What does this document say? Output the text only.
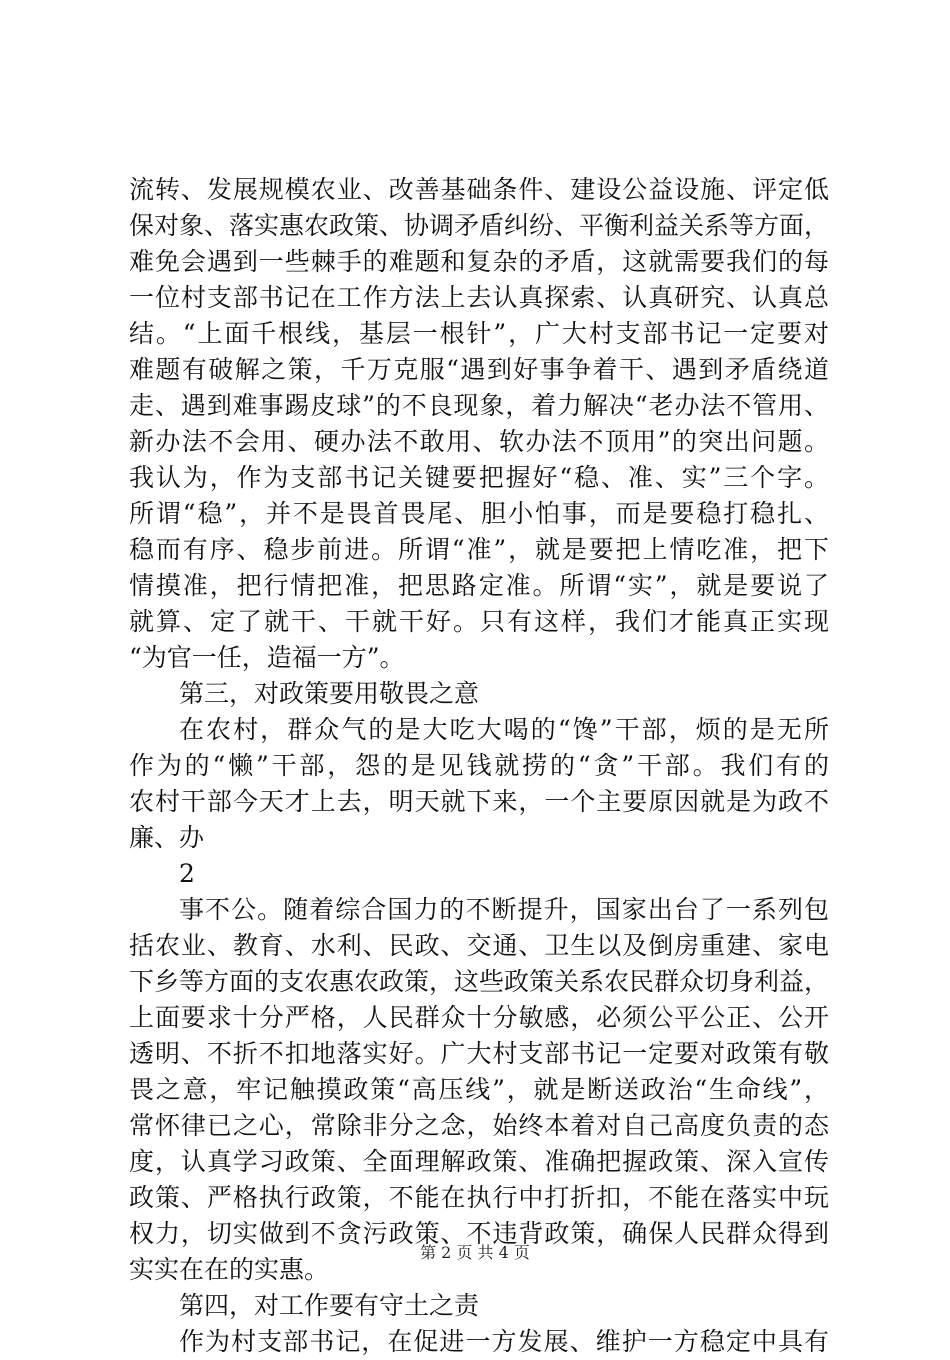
流转、发展规模农业、改善基础条件、建设公益设施、评定低
保对象、落实惠农政策、协调矛盾纠纷、平衡利益关系等方面，
难免会遇到一些棘手的难题和复杂的矛盾，这就需要我们的每
一位村支部书记在工作方法上去认真探索、认真研究、认真总
结。“上面千根线，基层一根针”，广大村支部书记一定要对
难题有破解之策，千万克服“遇到好事争着干、遇到矛盾绕道
走、遇到难事踢皮球”的不良现象，着力解决“老办法不管用、
新办法不会用、硬办法不敢用、软办法不顶用”的突出问题。
我认为，作为支部书记关键要把握好“稳、准、实”三个字。
所谓“稳”，并不是畏首畏尾、胆小怕事，而是要稳打稳扎、
稳而有序、稳步前进。所谓“准”，就是要把上情吃准，把下
情摸准，把行情把准，把思路定准。所谓“实”，就是要说了
就算、定了就干、干就干好。只有这样，我们才能真正实现
“为官一任，造福一方”。
第三，对政策要用敬畏之意
在农村，群众气的是大吃大喝的“馋”干部，烦的是无所
作为的“懒”干部，怨的是见钱就捞的“贪”干部。我们有的
农村干部今天才上去，明天就下来，一个主要原因就是为政不
廉、办
2
事不公。随着综合国力的不断提升，国家出台了一系列包
括农业、教育、水利、民政、交通、卫生以及倒房重建、家电
下乡等方面的支农惠农政策，这些政策关系农民群众切身利益，
上面要求十分严格，人民群众十分敏感，必须公平公正、公开
透明、不折不扣地落实好。广大村支部书记一定要对政策有敬
畏之意，牢记触摸政策“高压线”，就是断送政治“生命线”，
常怀律已之心，常除非分之念，始终本着对自己高度负责的态
度，认真学习政策、全面理解政策、准确把握政策、深入宣传
政策、严格执行政策，不能在执行中打折扣，不能在落实中玩
权力，切实做到不贪污政策、不违背政策，确保人民群众得到
实实在在的实惠。
第四，对工作要有守土之责
作为村支部书记，在促进一方发展、维护一方稳定中具有
第 2 页 共 4 页
